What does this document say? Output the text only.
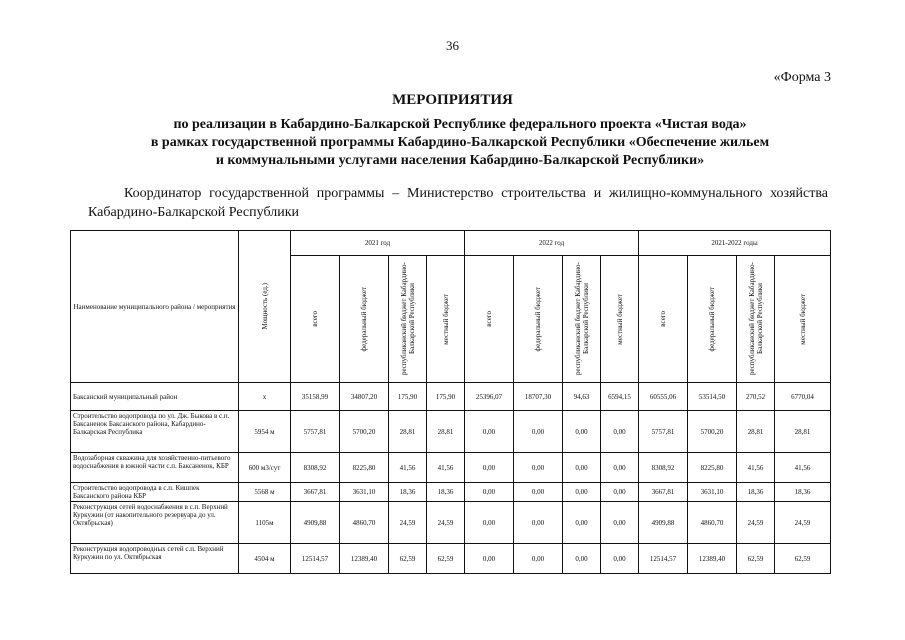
36
«Форма 3
МЕРОПРИЯТИЯ
по реализации в Кабардино-Балкарской Республике федерального проекта «Чистая вода»
в рамках государственной программы Кабардино-Балкарской Республики «Обеспечение жильем
и коммунальными услугами населения Кабардино-Балкарской Республики»
Координатор государственной программы – Министерство строительства и жилищно-коммунального хозяйства Кабардино-Балкарской Республики
Наименование муниципального района / мероприятия	Мощность (ед.)	2021 год				2022 год				2021-2022 годы			

		всего	федеральный бюджет	республиканский бюджет Кабардино-Балкарской Республики	местный бюджет	всего	федеральный бюджет	республиканский бюджет Кабардино-Балкарской Республики	местный бюджет	всего	федеральный бюджет	республиканский бюджет Кабардино-Балкарской Республики	местный бюджет

Баксанский муниципальный район	х	35158,99	34807,20	175,90	175,90	25396,07	18707,30	94,63	6594,15	60555,06	53514,50	270,52	6770,04
Строительство водопровода по ул. Дж. Быкова в с.п. Баксаненок Баксанского района, Кабардино-Балкарская Республика	5954 м	5757,81	5700,20	28,81	28,81	0,00	0,00	0,00	0,00	5757,81	5700,20	28,81	28,81
Водозаборная скважина для хозяйственно-питьевого водоснабжения в южной части с.п. Баксаненок, КБР	600 м3/сут	8308,92	8225,80	41,56	41,56	0,00	0,00	0,00	0,00	8308,92	8225,80	41,56	41,56
Строительство водопровода в с.п. Кишпек Баксанского района КБР	5568 м	3667,81	3631,10	18,36	18,36	0,00	0,00	0,00	0,00	3667,81	3631,10	18,36	18,36
Реконструкция сетей водоснабжения в с.п. Верхний Куркужин (от накопительного резервуара до ул. Октябрьская)	1105м	4909,88	4860,70	24,59	24,59	0,00	0,00	0,00	0,00	4909,88	4860,70	24,59	24,59
Реконструкция водопроводных сетей с.п. Верхний Куркужин по ул. Октябрьская	4504 м	12514,57	12389,40	62,59	62,59	0,00	0,00	0,00	0,00	12514,57	12389,40	62,59	62,59
